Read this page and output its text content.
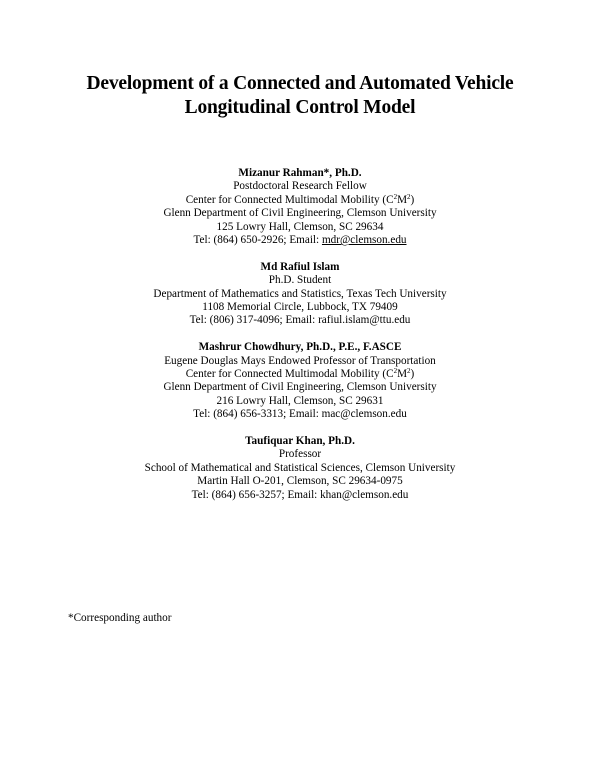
Development of a Connected and Automated Vehicle
Longitudinal Control Model
Mizanur Rahman*, Ph.D.
Postdoctoral Research Fellow
Center for Connected Multimodal Mobility $(C^2M^2)$
Glenn Department of Civil Engineering, Clemson University
125 Lowry Hall, Clemson, SC 29634
Tel: (864) 650-2926; Email: mdr@clemson.edu
Md Rafiul Islam
Ph.D. Student
Department of Mathematics and Statistics, Texas Tech University
1108 Memorial Circle, Lubbock, TX 79409
Tel: (806) 317-4096; Email: rafiul.islam@ttu.edu
Mashrur Chowdhury, Ph.D., P.E., F.ASCE
Eugene Douglas Mays Endowed Professor of Transportation
Center for Connected Multimodal Mobility $(C^2M^2)$
Glenn Department of Civil Engineering, Clemson University
216 Lowry Hall, Clemson, SC 29631
Tel: (864) 656-3313; Email: mac@clemson.edu
Taufiquar Khan, Ph.D.
Professor
School of Mathematical and Statistical Sciences, Clemson University
Martin Hall O-201, Clemson, SC 29634-0975
Tel: (864) 656-3257; Email: khan@clemson.edu
*Corresponding author
